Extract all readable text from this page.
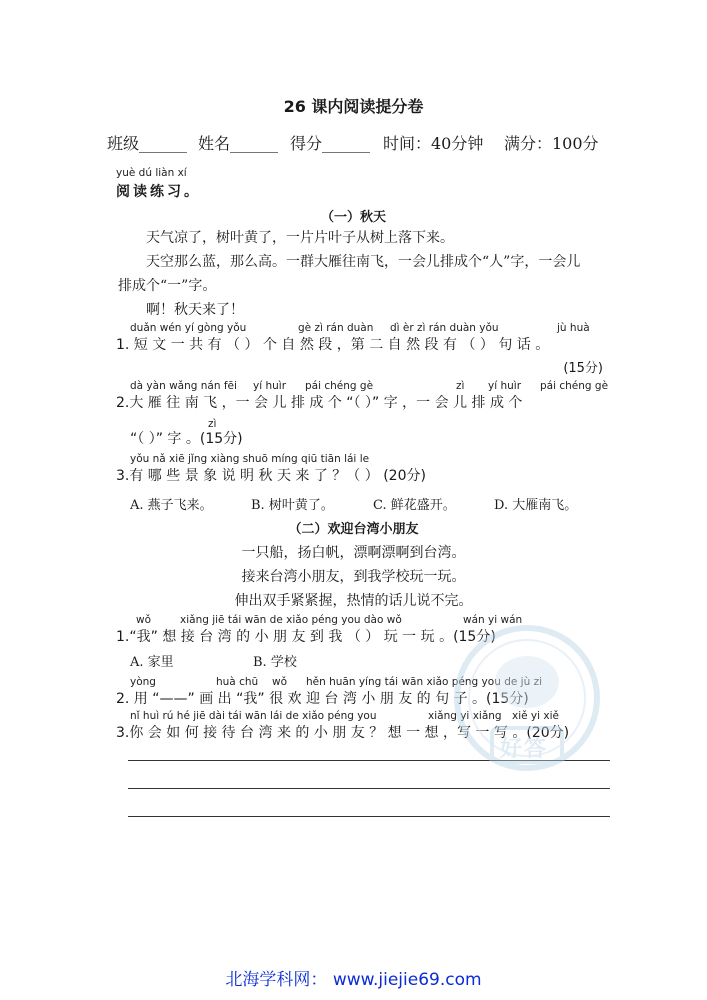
26 课内阅读提分卷
班级______ 姓名______ 得分______ 时间：40分钟 满分：100分
yuè dú liàn xí
阅读练习。
（一）秋天
天气凉了，树叶黄了，一片片叶子从树上落下来。
天空那么蓝，那么高。一群大雁往南飞，一会儿排成个“人”字，一会儿
排成个“一”字。
啊！秋天来了！
duǎn wén yí gòng yǒu	gè zì rán duàn dì èr zì rán duàn yǒu	jù huà
1. 短 文 一 共 有 （ ） 个 自 然 段 ，第 二 自 然 段 有 （ ） 句 话 。
(15分)
dà yàn wǎng nán fēi yí huìr pái chéng gè	zì yí huìr pái chéng gè
2.大 雁 往 南 飞 ，一 会 儿 排 成 个 “（ ）” 字 ，一 会 儿 排 成 个
zì
“（ ）” 字 。(15分)
yǒu nǎ xiē jǐng xiàng shuō míng qiū tiān lái le
3.有 哪 些 景 象 说 明 秋 天 来 了 ？（ ） (20分)
A. 燕子飞来。	B. 树叶黄了。	C. 鲜花盛开。	D. 大雁南飞。
（二）欢迎台湾小朋友
一只船，扬白帆，漂啊漂啊到台湾。
接来台湾小朋友，到我学校玩一玩。
伸出双手紧紧握，热情的话儿说不完。
wǒ	xiǎng jiē tái wān de xiǎo péng you dào wǒ	wán yi wán
1.“我” 想 接 台 湾 的 小 朋 友 到 我 （ ） 玩 一 玩 。(15分)
A. 家里	B. 学校
yòng	huà chū wǒ hěn huān yíng tái wān xiǎo péng you de jù zi
2. 用 “——” 画 出 “我” 很 欢 迎 台 湾 小 朋 友 的 句 子 。(15分)
nǐ huì rú hé jiē dài tái wān lái de xiǎo péng you	xiǎng yi xiǎng xiě yi xiě
3.你 会 如 何 接 待 台 湾 来 的 小 朋 友 ？ 想 一 想 ，写 一 写 。(20分)
好答
北海学科网： www.jiejie69.com
